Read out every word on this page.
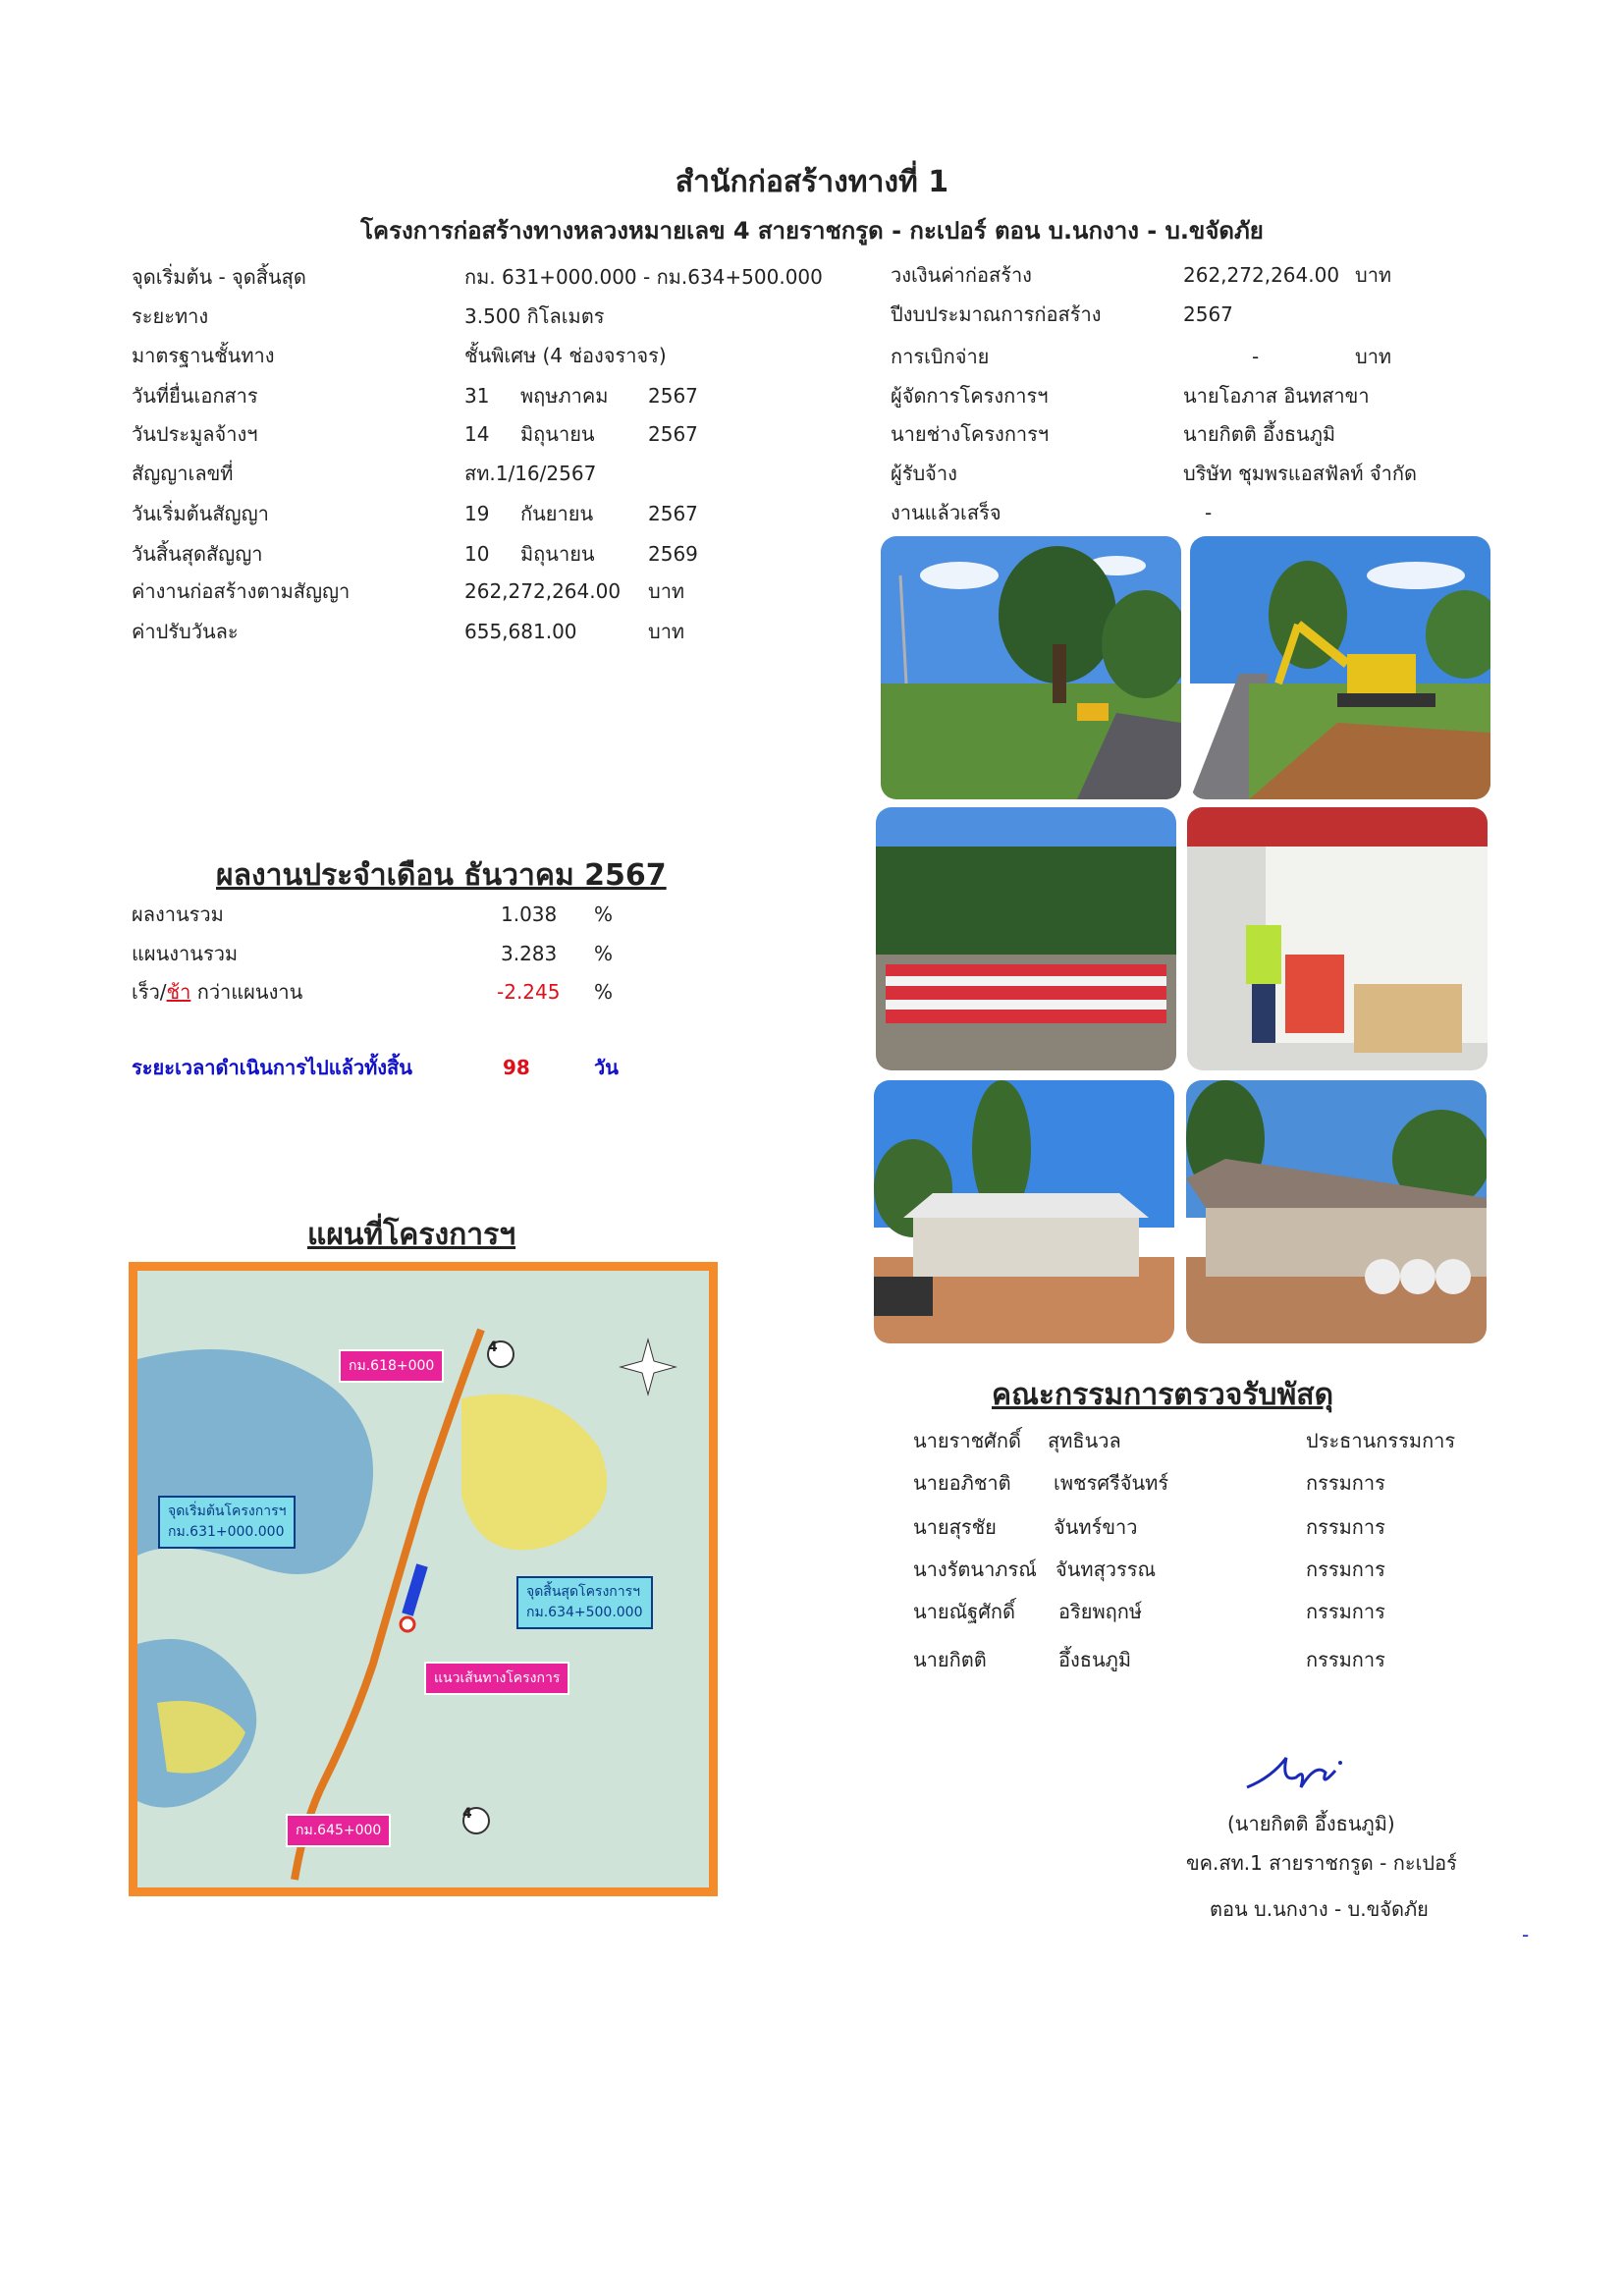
สำนักก่อสร้างทางที่ 1
โครงการก่อสร้างทางหลวงหมายเลข 4 สายราชกรูด - กะเปอร์ ตอน บ.นกงาง - บ.ขจัดภัย
จุดเริ่มต้น - จุดสิ้นสุด	กม. 631+000.000 - กม.634+500.000
ระยะทาง	3.500 กิโลเมตร
มาตรฐานชั้นทาง	ชั้นพิเศษ (4 ช่องจราจร)
วันที่ยื่นเอกสาร	31 พฤษภาคม 2567
วันประมูลจ้างฯ	14 มิถุนายน	2567
สัญญาเลขที่	สท.1/16/2567
วันเริ่มต้นสัญญา	19 กันยายน	2567
วันสิ้นสุดสัญญา	10 มิถุนายน	2569
ค่างานก่อสร้างตามสัญญา	262,272,264.00 บาท
ค่าปรับวันละ	655,681.00	บาท
วงเงินค่าก่อสร้าง	262,272,264.00 บาท
ปีงบประมาณการก่อสร้าง	2567
การเบิกจ่าย	-	บาท
ผู้จัดการโครงการฯ	นายโอภาส อินทสาขา
นายช่างโครงการฯ	นายกิตติ อึ้งธนภูมิ
ผู้รับจ้าง	บริษัท ชุมพรแอสฟัลท์ จำกัด
งานแล้วเสร็จ	-
ผลงานประจำเดือน ธันวาคม 2567
ผลงานรวม	1.038 %
แผนงานรวม	3.283 %
เร็ว/ช้า กว่าแผนงาน	-2.245 %
ระยะเวลาดำเนินการไปแล้วทั้งสิ้น	98	วัน
แผนที่โครงการฯ
กม.618+000
4
จุดเริ่มต้นโครงการฯ
กม.631+000.000
จุดสิ้นสุดโครงการฯ
กม.634+500.000
แนวเส้นทางโครงการ
กม.645+000
4
คณะกรรมการตรวจรับพัสดุ
นายราชศักดิ์ สุทธินวล	ประธานกรรมการ
นายอภิชาติ เพชรศรีจันทร์	กรรมการ
นายสุรชัย	จันทร์ขาว	กรรมการ
นางรัตนาภรณ์ จันทสุวรรณ	กรรมการ
นายณัฐศักดิ์ อริยพฤกษ์	กรรมการ
นายกิตติ	อึ้งธนภูมิ	กรรมการ
(นายกิตติ อึ้งธนภูมิ)
ขค.สท.1 สายราชกรูด - กะเปอร์
ตอน บ.นกงาง - บ.ขจัดภัย
-
